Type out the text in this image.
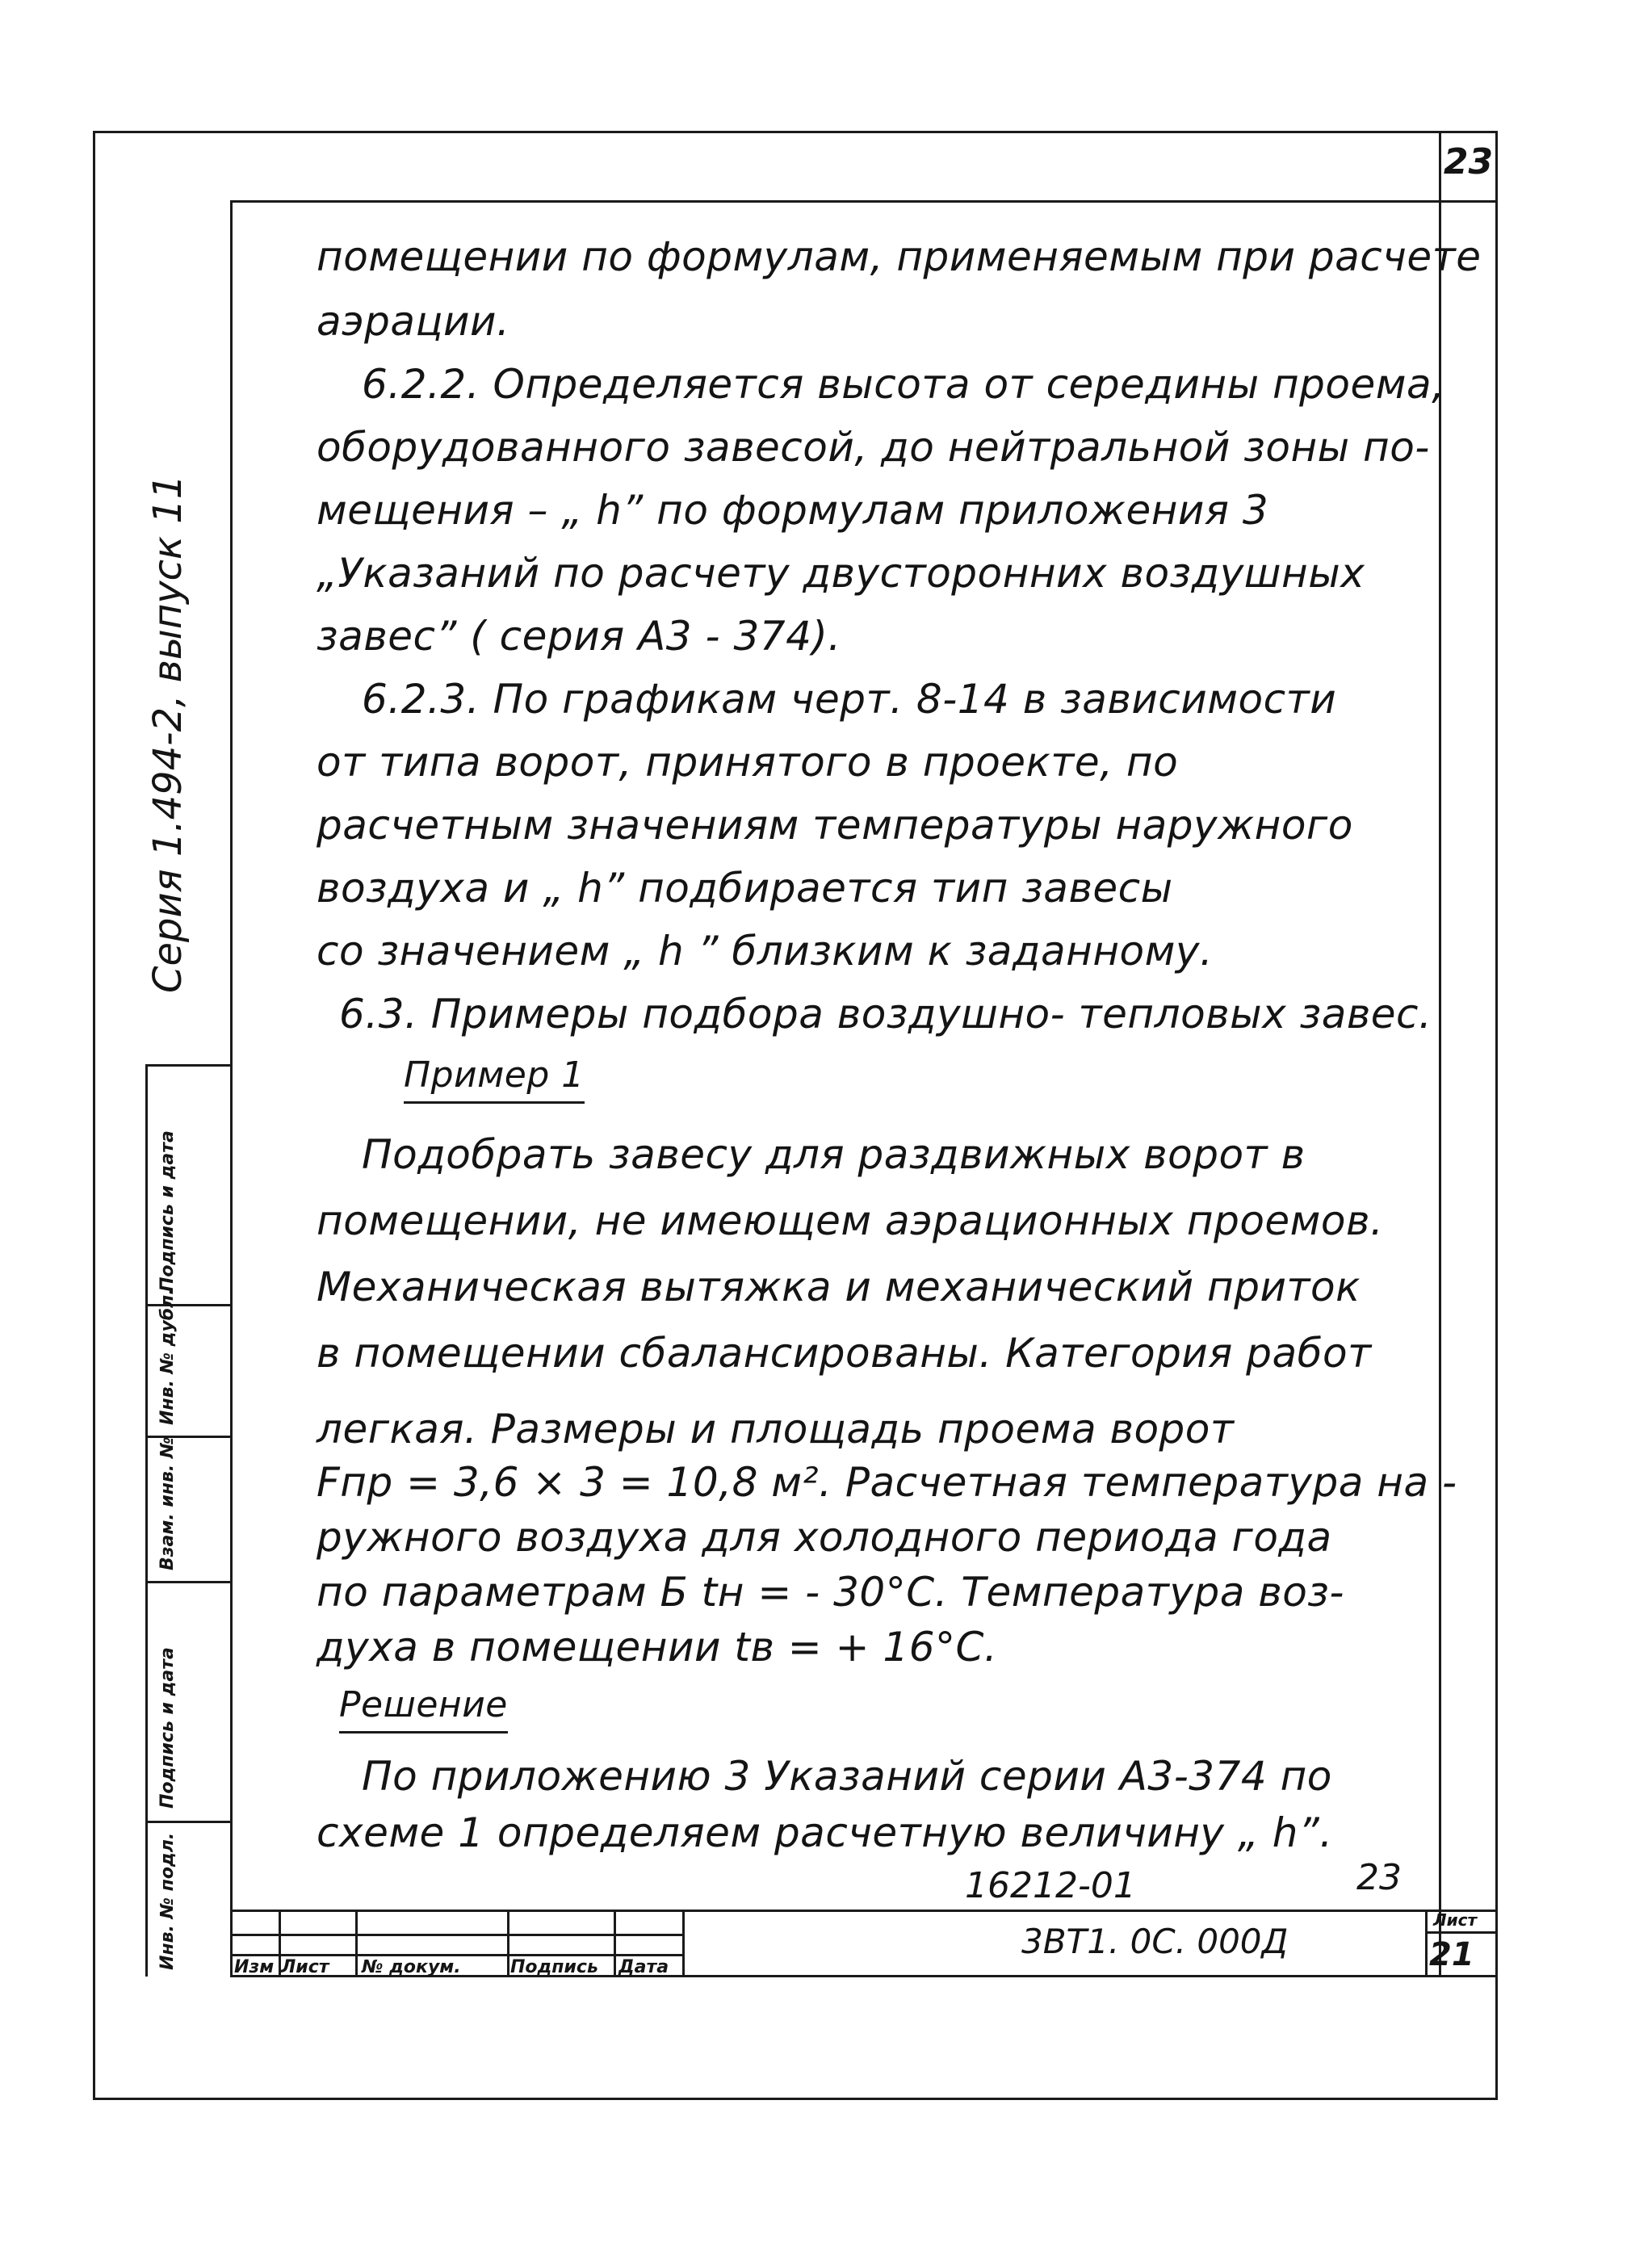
23
Серия 1.494-2, выпуск 11
Подпись и дата
Инв. № дубл.
Взам. инв. №
Подпись и дата
Инв. № подл.
помещении по формулам, применяемым при расчете
аэрации.
6.2.2. Определяется высота от середины проема,
оборудованного завесой, до нейтральной зоны по-
мещения – „ h” по формулам приложения 3
„Указаний по расчету двусторонних воздушных
завес” ( серия А3 - 374).
6.2.3. По графикам черт. 8-14 в зависимости
от типа ворот, принятого в проекте, по
расчетным значениям температуры наружного
воздуха и „ h” подбирается тип завесы
со значением „ h ” близким к заданному.
6.3. Примеры подбора воздушно- тепловых завес.
Пример 1
Подобрать завесу для раздвижных ворот в
помещении, не имеющем аэрационных проемов.
Механическая вытяжка и механический приток
в помещении сбалансированы. Категория работ
легкая. Размеры и площадь проема ворот
Fпр = 3,6 × 3 = 10,8 м². Расчетная температура на -
ружного воздуха для холодного периода года
по параметрам Б tн = - 30°С. Температура воз-
духа в помещении tв = + 16°С.
Решение
По приложению 3 Указаний серии А3-374 по
схеме 1 определяем расчетную величину „ h”.
16212-01	23
Изм Лист № докум.	Подпись Дата
3ВТ1. 0С. 000Д
Лист
21
